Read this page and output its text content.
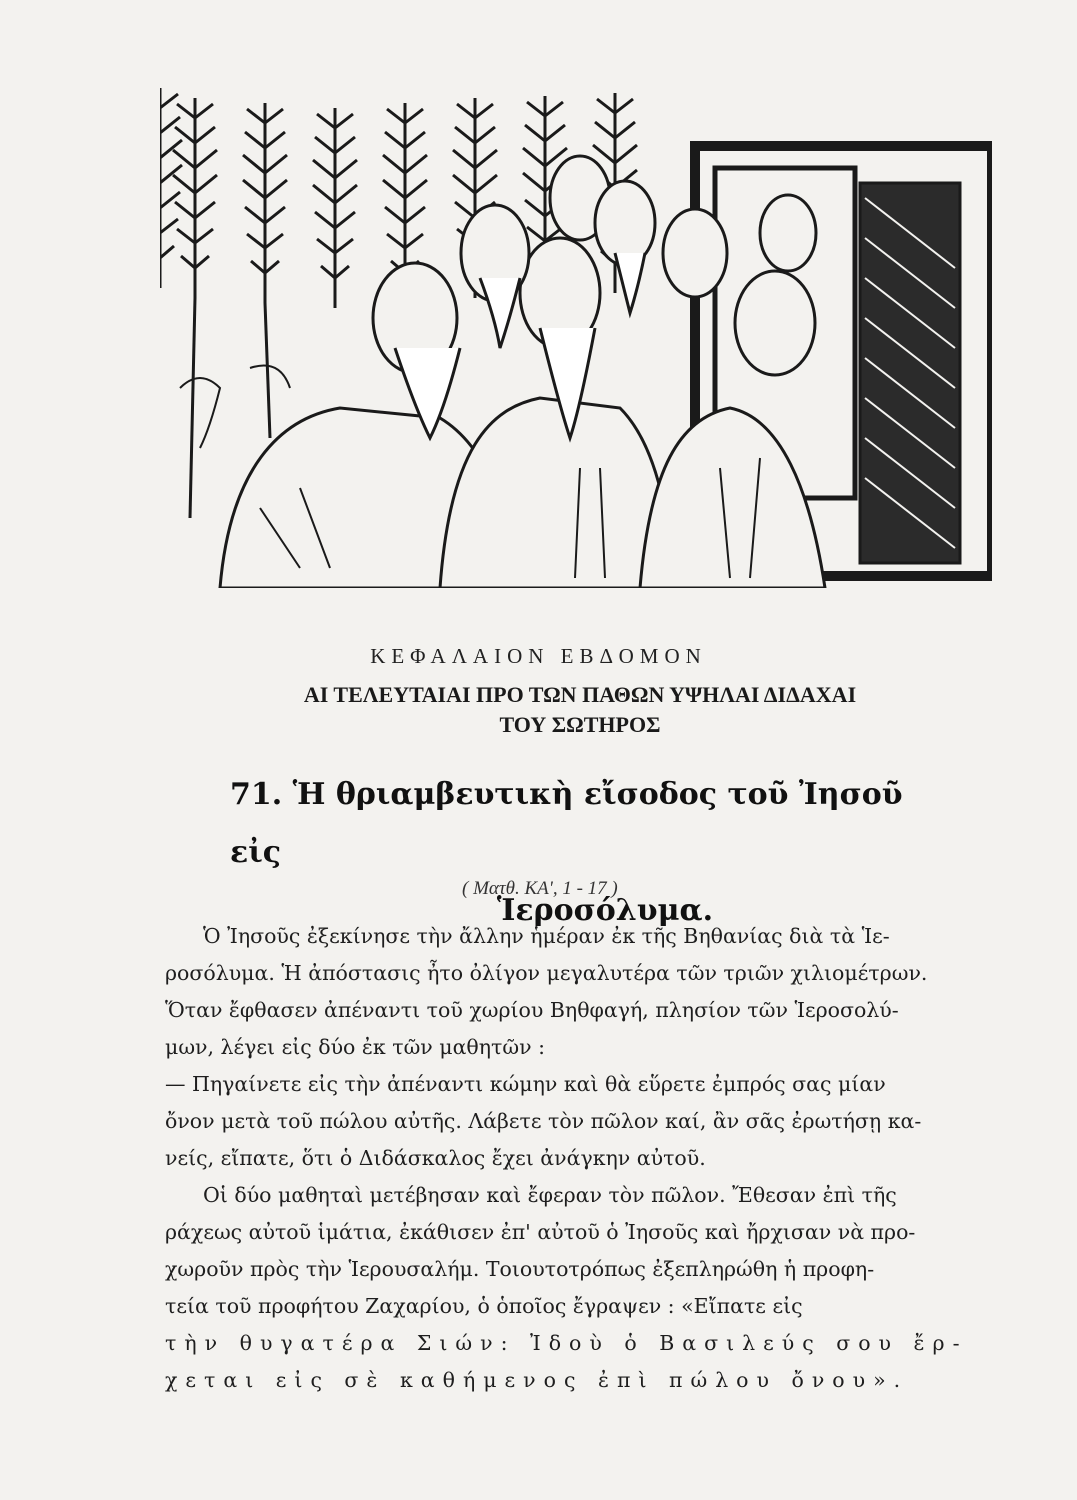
ΚΕΦΑΛΑΙΟΝ ΕΒΔΟΜΟΝ
ΑΙ ΤΕΛΕΥΤΑΙΑΙ ΠΡΟ ΤΩΝ ΠΑΘΩΝ ΥΨΗΛΑΙ ΔΙΔΑΧΑΙ
ΤΟΥ ΣΩΤΗΡΟΣ
71. Ἡ θριαμβευτικὴ εἴσοδος τοῦ Ἰησοῦ εἰς
Ἱεροσόλυμα.
( Ματθ. ΚΑ', 1 - 17 )
Ὁ Ἰησοῦς ἐξεκίνησε τὴν ἄλλην ἡμέραν ἐκ τῆς Βηθανίας διὰ τὰ Ἱε-
ροσόλυμα. Ἡ ἀπόστασις ἦτο ὀλίγον μεγαλυτέρα τῶν τριῶν χιλιομέτρων.
Ὅταν ἔφθασεν ἀπέναντι τοῦ χωρίου Βηθφαγή, πλησίον τῶν Ἱεροσολύ-
μων, λέγει εἰς δύο ἐκ τῶν μαθητῶν :
— Πηγαίνετε εἰς τὴν ἀπέναντι κώμην καὶ θὰ εὕρετε ἐμπρός σας μίαν
ὄνον μετὰ τοῦ πώλου αὐτῆς. Λάβετε τὸν πῶλον καί, ἂν σᾶς ἐρωτήσῃ κα-
νείς, εἴπατε, ὅτι ὁ Διδάσκαλος ἔχει ἀνάγκην αὐτοῦ.
Οἱ δύο μαθηταὶ μετέβησαν καὶ ἔφεραν τὸν πῶλον. Ἔθεσαν ἐπὶ τῆς
ράχεως αὐτοῦ ἱμάτια, ἐκάθισεν ἐπ' αὐτοῦ ὁ Ἰησοῦς καὶ ἤρχισαν νὰ προ-
χωροῦν πρὸς τὴν Ἱερουσαλήμ. Τοιουτοτρόπως ἐξεπληρώθη ἡ προφη-
τεία τοῦ προφήτου Ζαχαρίου, ὁ ὁποῖος ἔγραψεν : «Εἴπατε εἰς
τὴν θυγατέρα Σιών: Ἰδοὺ ὁ Βασιλεύς σου ἔρ-
χεται εἰς σὲ καθήμενος ἐπὶ πώλου ὄνου».
